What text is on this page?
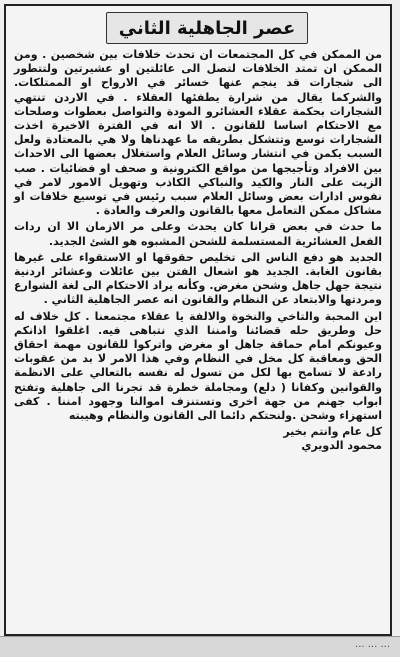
عصر الجاهلية الثاني

من الممكن في كل المجتمعات ان تحدث خلافات بين شخصين . ومن الممكن ان تمتد الخلافات لتصل الى عائلتين او عشيرتين ولتتطور الى شجارات قد ينجم عنها خسائر في الارواح او الممتلكات. والشركما يقال من شرارة يطفئها العقلاء . في الاردن تنتهي الشجارات بحكمة عقلاء العشائرو المودة والتواصل بعطوات وصلحات مع الاحتكام اساسا للقانون . الا انه في الفترة الاخيرة اخذت الشجارات توسع وتتشكل بطريقه ما عهدناها ولا هي بالمعتادة ولعل السبب يكمن في انتشار وسائل العلام واستغلال بعضها الى الاحداث بين الافراد وتأجيجها من مواقع الكترونية و صحف او فضائيات . صب الزيت على النار والكيد والنباكي الكاذب وتهويل الامور لامر في نفوس ادارات بعض وسائل العلام سبب رئيس في توسيع خلافات او مشاكل ممكن التعامل معها بالقانون والعرف والعادة .

ما حدث في بعض قرانا كان يحدث وعلى مر الازمان الا ان ردات الفعل العشائرية المستسلمة للشحن المشبوه هو الشئ الجديد.

الجديد هو دفع الناس الى تخليص حقوقها او الاستقواء على غيرها بقانون الغابة. الجديد هو اشعال الفتن بين عائلات وعشائر اردنية نتيجة جهل جاهل وشحن مغرض. وكأنه يراد الاحتكام الى لغة الشوارع ومردتها والابتعاد عن النظام والقانون انه عصر الجاهلية الثاني .

اين المحبة والتاخي والنخوة والالفة يا عقلاء مجتمعنا . كل خلاف له حل وطريق حله قضائنا وامننا الذي نتباهى فيه. اغلقوا اذانكم وعيونكم امام حماقة جاهل او مغرض واتركوا للقانون مهمة احقاق الحق ومعاقبة كل مخل في النظام وفي هذا الامر لا بد من عقوبات رادعة لا تسامح بها لكل من تسول له نفسه بالتعالي على الانظمة والقوانين وكفانا ( دلع) ومجاملة خطرة قد تجرنا الى جاهلية وتفتح ابواب جهنم من جهة اخرى وتستنزف اموالنا وجهود امننا . كفى استهزاء وشحن .ولنحتكم دائما الى القانون والنظام وهيبته

كل عام وانتم بخير

محمود الدويري

... ... ...
